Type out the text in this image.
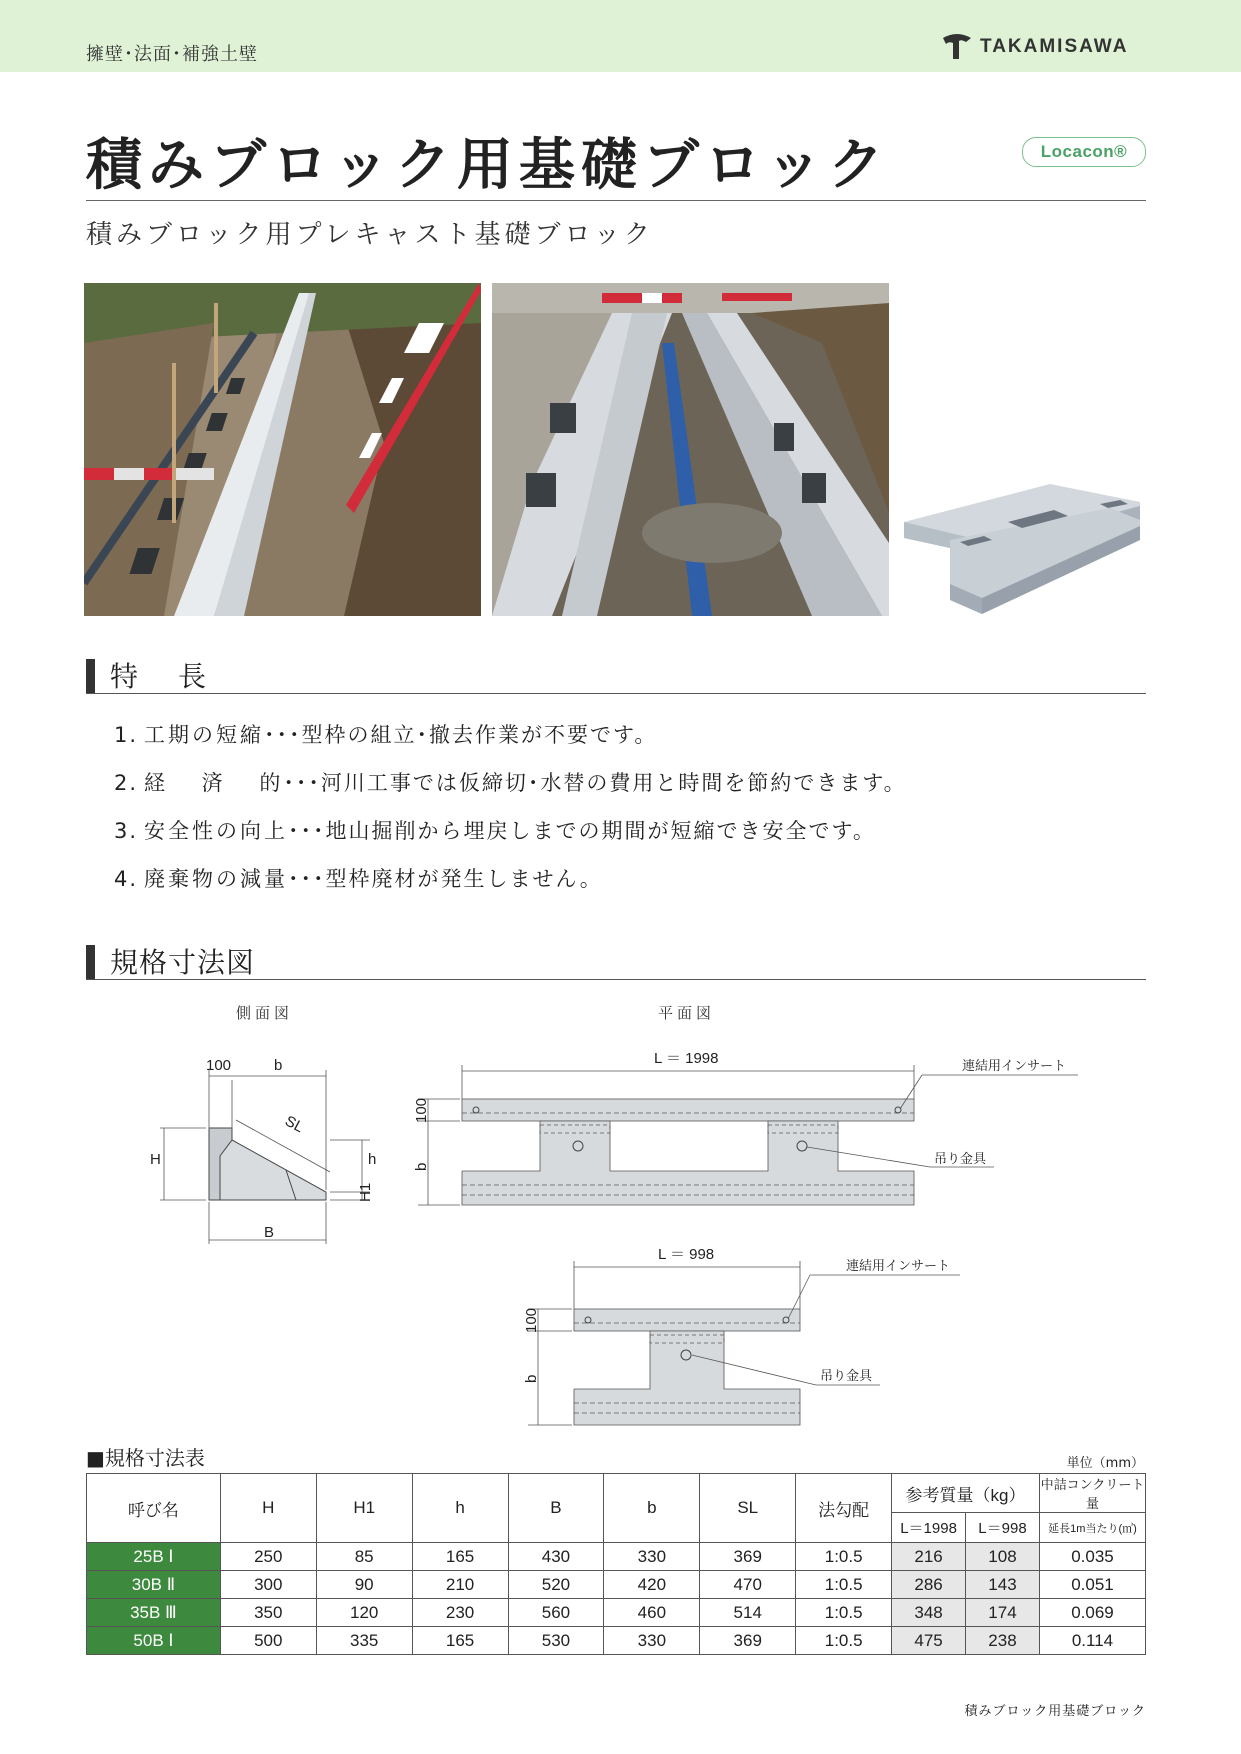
擁壁･法面･補強土壁	TAKAMISAWA
積みブロック用基礎ブロック	Locacon®
積みブロック用プレキャスト基礎ブロック
特　長
1. 工期の短縮･･･型枠の組立･撤去作業が不要です。
2. 経　 済　 的･･･河川工事では仮締切･水替の費用と時間を節約できます。
3. 安全性の向上･･･地山掘削から埋戻しまでの期間が短縮でき安全です。
4. 廃棄物の減量･･･型枠廃材が発生しません。
規格寸法図
側面図	平面図
100	b
SL
H	h
H1
B
L ＝ 1998	連結用インサート
吊り金具
100
b
L ＝ 998
連結用インサート
吊り金具
100
b
■規格寸法表	単位（mm）
呼び名	H	H1	h	B	b	SL	法勾配	参考質量（kg）		中詰コンクリート量
								L＝1998	L＝998	延長1m当たり(㎥)
25B Ⅰ	250	85	165	430	330	369	1:0.5	216	108	0.035
30B Ⅱ	300	90	210	520	420	470	1:0.5	286	143	0.051
35B Ⅲ	350	120	230	560	460	514	1:0.5	348	174	0.069
50B Ⅰ	500	335	165	530	330	369	1:0.5	475	238	0.114
積みブロック用基礎ブロック
